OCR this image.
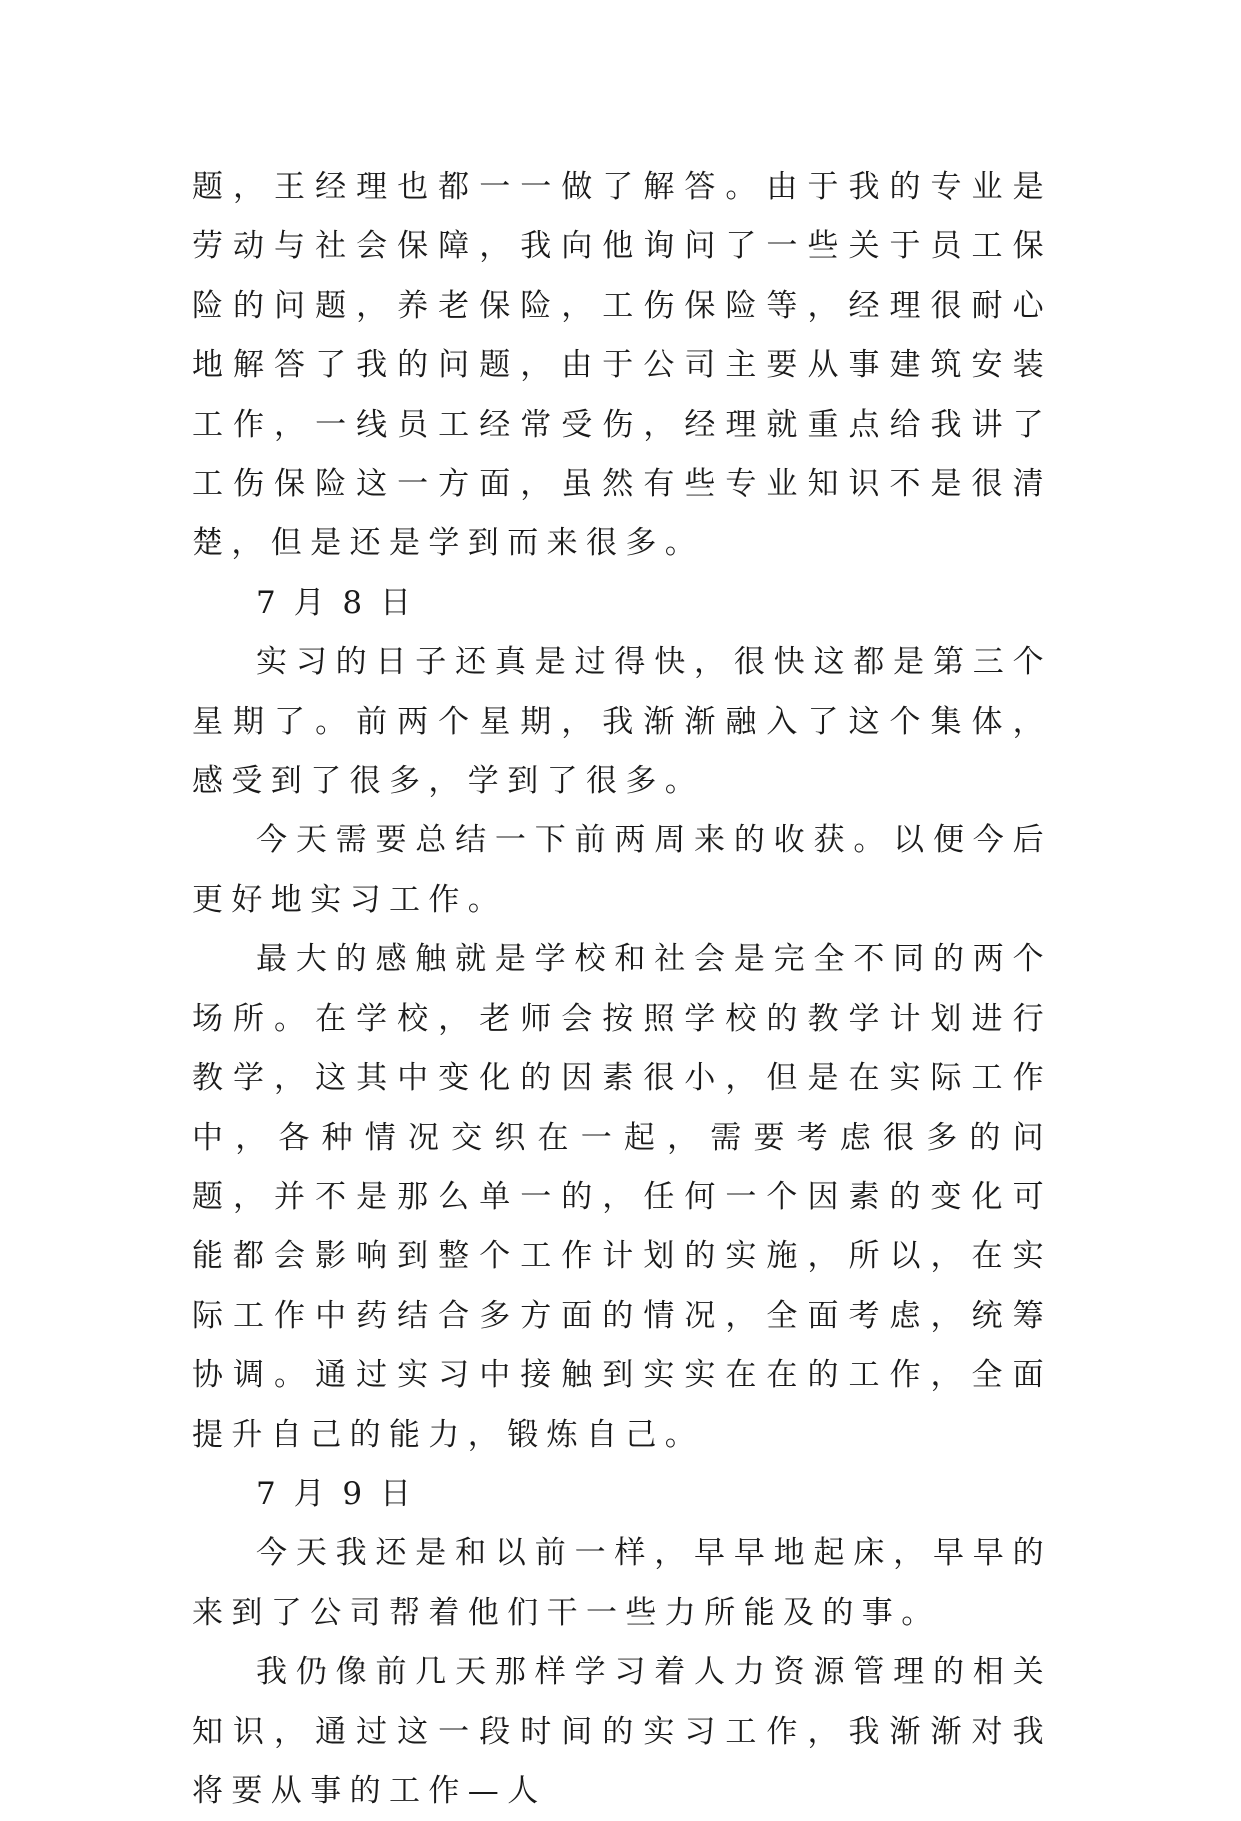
题，王经理也都一一做了解答。由于我的专业是劳动与社会保障，我向他询问了一些关于员工保险的问题，养老保险，工伤保险等，经理很耐心地解答了我的问题，由于公司主要从事建筑安装工作，一线员工经常受伤，经理就重点给我讲了工伤保险这一方面，虽然有些专业知识不是很清楚，但是还是学到而来很多。

7 月 8 日

实习的日子还真是过得快，很快这都是第三个星期了。前两个星期，我渐渐融入了这个集体，感受到了很多，学到了很多。

今天需要总结一下前两周来的收获。以便今后更好地实习工作。

最大的感触就是学校和社会是完全不同的两个场所。在学校，老师会按照学校的教学计划进行教学，这其中变化的因素很小，但是在实际工作中，各种情况交织在一起，需要考虑很多的问题，并不是那么单一的，任何一个因素的变化可能都会影响到整个工作计划的实施，所以，在实际工作中药结合多方面的情况，全面考虑，统筹协调。通过实习中接触到实实在在的工作，全面提升自己的能力，锻炼自己。

7 月 9 日

今天我还是和以前一样，早早地起床，早早的来到了公司帮着他们干一些力所能及的事。

我仍像前几天那样学习着人力资源管理的相关知识，通过这一段时间的实习工作，我渐渐对我将要从事的工作—人
